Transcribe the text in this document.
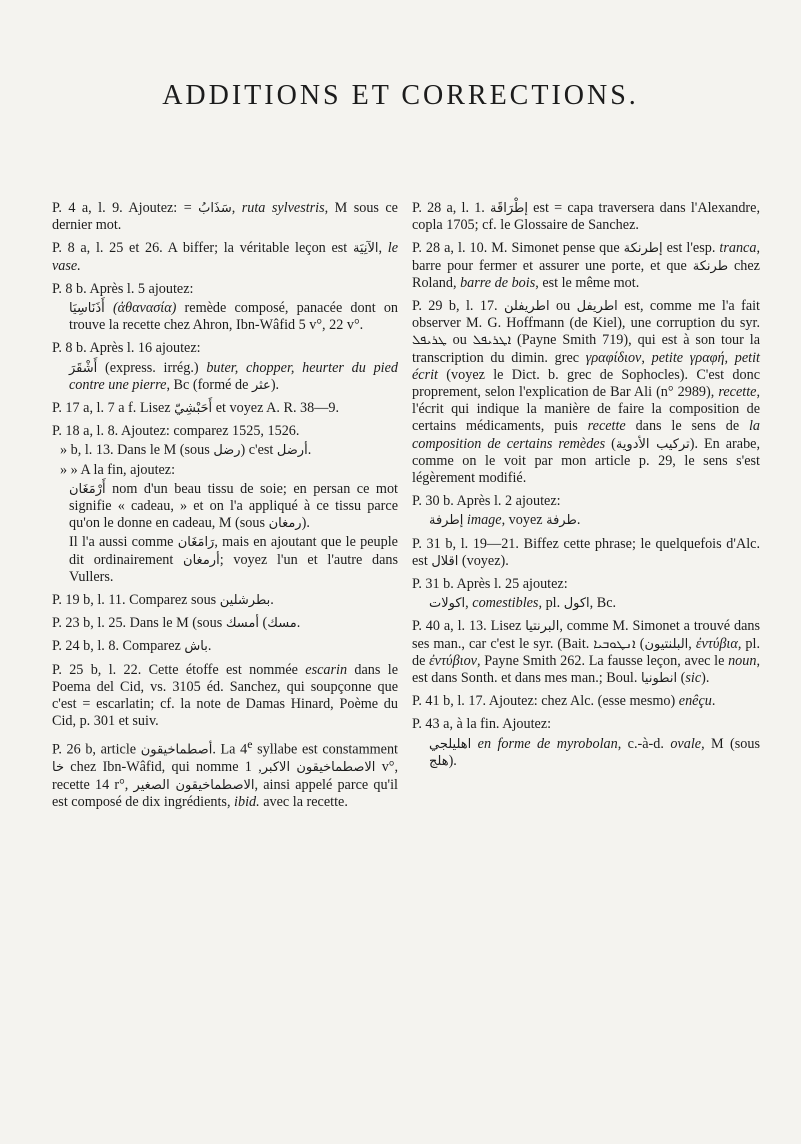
ADDITIONS ET CORRECTIONS.

P. 4 a, l. 9. Ajoutez: = سَذَابُ, ruta sylvestris, M sous ce dernier mot.

P. 8 a, l. 25 et 26. A biffer; la véritable leçon est الآنِيَة, le vase.

P. 8 b. Après l. 5 ajoutez:

أَذَنَاسِيَا (ἀθανασία) remède composé, panacée dont on trouve la recette chez Ahron, Ibn-Wâfid 5 v°, 22 v°.

P. 8 b. Après l. 16 ajoutez:

أَشْقَرَ (express. irrég.) buter, chopper, heurter du pied contre une pierre, Bc (formé de عثر).

P. 17 a, l. 7 a f. Lisez أَحَبْشِيّ et voyez A. R. 38—9.

P. 18 a, l. 8. Ajoutez: comparez 1525, 1526.

» b, l. 13. Dans le M (sous رضل) c'est أرضل.

» » A la fin, ajoutez:

أَرْمَغَان nom d'un beau tissu de soie; en persan ce mot signifie « cadeau, » et on l'a appliqué à ce tissu parce qu'on le donne en cadeau, M (sous رمغان).

Il l'a aussi comme رَامَغَان, mais en ajoutant que le peuple dit ordinairement أرمغان; voyez l'un et l'autre dans Vullers.

P. 19 b, l. 11. Comparez sous بطرشلين.

P. 23 b, l. 25. Dans le M (sous	مسك) أمسك	.

P. 24 b, l. 8. Comparez باش.

P. 25 b, l. 22. Cette étoffe est nommée escarin dans le Poema del Cid, vs. 3105 éd. Sanchez, qui soupçonne que c'est = escarlatin; cf. la note de Damas Hinard, Poème du Cid, p. 301 et suiv.

P. 26 b, article أصطماخيقون. La 4e syllabe est constamment خا chez Ibn-Wâfid, qui nomme	الاصطماخيقون الاكبر, 1 v°, recette 14 r°, الاصطماخيقون الصغير, ainsi appelé parce qu'il est composé de dix ingrédients, ibid. avec la recette.

P. 28 a, l. 1. إطْرَاقَة est = capa traversera dans l'Alexandre, copla 1705; cf. le Glossaire de Sanchez.

P. 28 a, l. 10. M. Simonet pense que إطرنكة est l'esp. tranca, barre pour fermer et assurer une porte, et que طرنكة chez Roland, barre de bois, est le même mot.

P. 29 b, l. 17. اطريفلن ou اطريفل est, comme me l'a fait observer M. G. Hoffmann (de Kiel), une corruption du syr. ܛܪܝܦܠ ou ܐܛܪܝܦܠ (Payne Smith 719), qui est à son tour la transcription du dimin. grec γραφίδιον, petite γραφή, petit écrit (voyez le Dict. b. grec de Sophocles). C'est donc proprement, selon l'explication de Bar Ali (n° 2989), recette, l'écrit qui indique la manière de faire la composition de certains médicaments, puis recette dans le sens de la composition de certains remèdes (تركيب الأدوية). En arabe, comme on le voit par mon article p. 29, le sens s'est légèrement modifié.

P. 30 b. Après l. 2 ajoutez:

إطرفة image, voyez طرفة.

P. 31 b, l. 19—21. Biffez cette phrase; le quelquefois d'Alc. est اقلال (voyez).

P. 31 b. Après l. 25 ajoutez:

اكولات, comestibles, pl. اكول, Bc.

P. 40 a, l. 13. Lisez البرنتيا, comme M. Simonet a trouvé dans ses man., car c'est le syr. (Bait.	البلنتيون) ܐܢܛܘܒܝܐ	, ἐντύβια, pl. de ἐντύβιον, Payne Smith 262. La fausse leçon, avec le noun, est dans Sonth. et dans mes man.; Boul. انطونيا (sic).

P. 41 b, l. 17. Ajoutez: chez Alc. (esse mesmo) enêçu.

P. 43 a, à la fin. Ajoutez:

اهليلجي en forme de myrobolan, c.-à-d. ovale, M (sous هلج).
